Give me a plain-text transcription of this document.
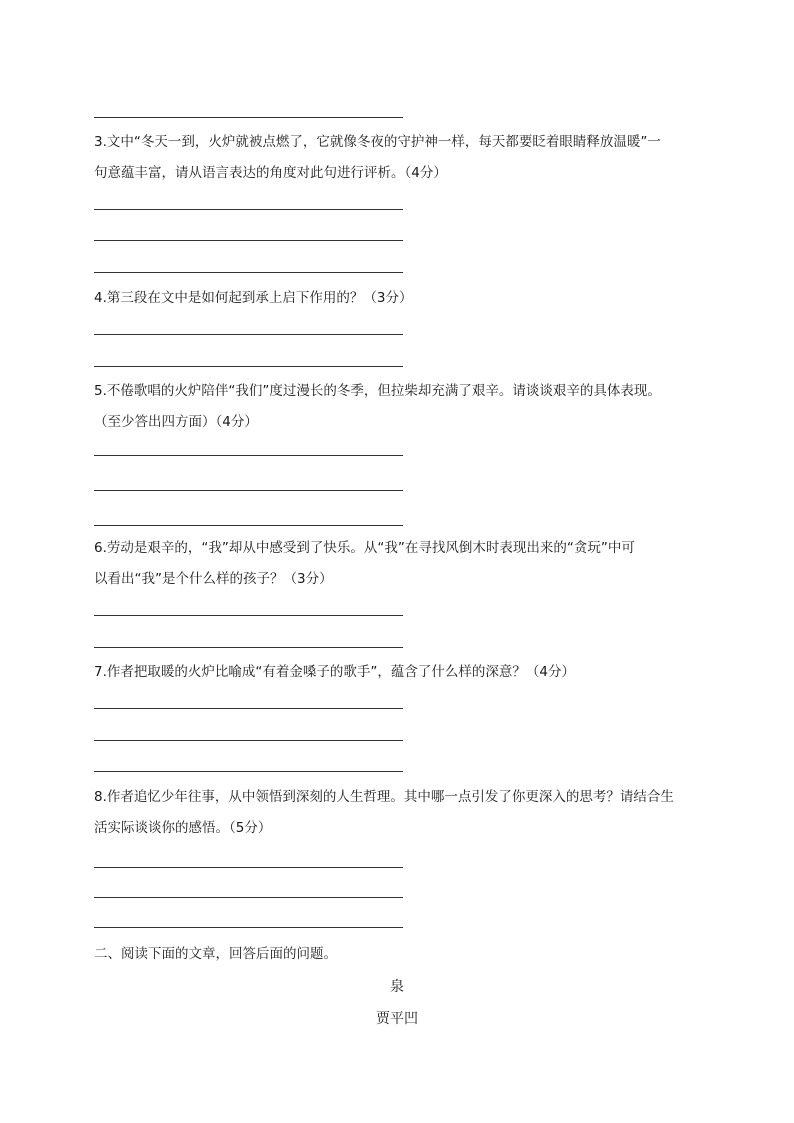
3.文中“冬天一到，火炉就被点燃了，它就像冬夜的守护神一样，每天都要眨着眼睛释放温暖”一
句意蕴丰富，请从语言表达的角度对此句进行评析。（4分）
4.第三段在文中是如何起到承上启下作用的？（3分）
5.不倦歌唱的火炉陪伴“我们”度过漫长的冬季，但拉柴却充满了艰辛。请谈谈艰辛的具体表现。
（至少答出四方面）（4分）
6.劳动是艰辛的，“我”却从中感受到了快乐。从“我”在寻找风倒木时表现出来的“贪玩”中可
以看出“我”是个什么样的孩子？（3分）
7.作者把取暖的火炉比喻成“有着金嗓子的歌手”，蕴含了什么样的深意？（4分）
8.作者追忆少年往事，从中领悟到深刻的人生哲理。其中哪一点引发了你更深入的思考？请结合生
活实际谈谈你的感悟。（5分）
二、阅读下面的文章，回答后面的问题。
泉
贾平凹
